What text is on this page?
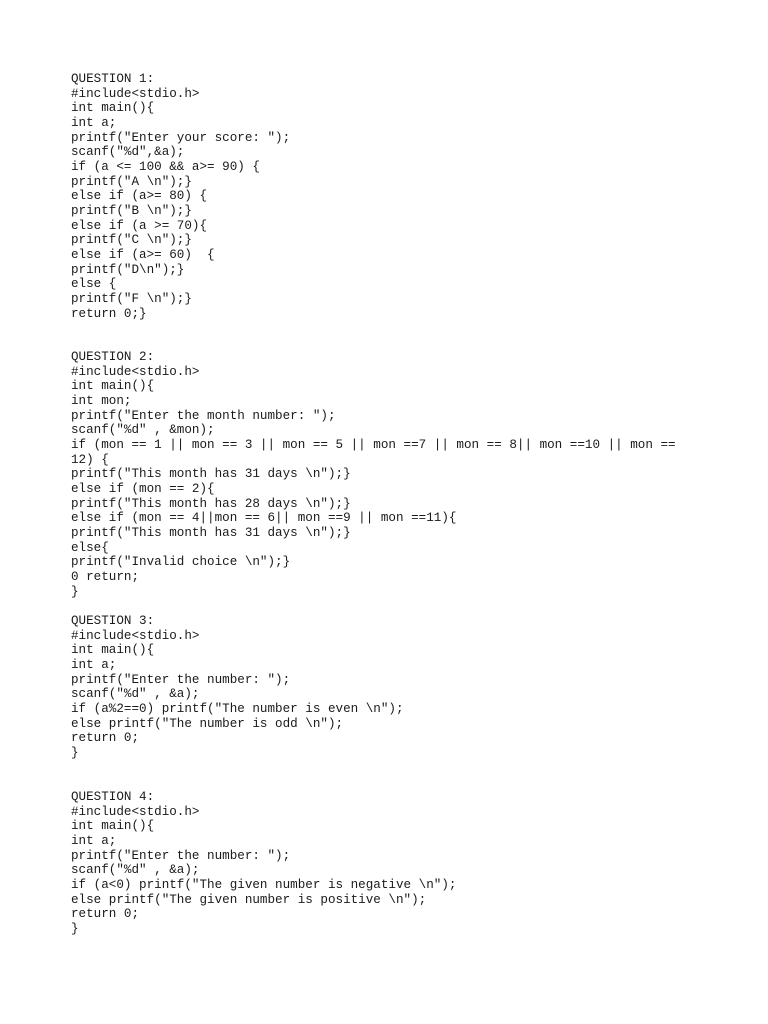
QUESTION 1:
#include<stdio.h>
int main(){
int a;
printf("Enter your score: ");
scanf("%d",&a);
if (a <= 100 && a>= 90) {
printf("A \n");}
else if (a>= 80) {
printf("B \n");}
else if (a >= 70){
printf("C \n");}
else if (a>= 60)  {
printf("D\n");}
else {
printf("F \n");}
return 0;}
QUESTION 2:
#include<stdio.h>
int main(){
int mon;
printf("Enter the month number: ");
scanf("%d" , &mon);
if (mon == 1 || mon == 3 || mon == 5 || mon ==7 || mon == 8|| mon ==10 || mon ==
12) {
printf("This month has 31 days \n");}
else if (mon == 2){
printf("This month has 28 days \n");}
else if (mon == 4||mon == 6|| mon ==9 || mon ==11){
printf("This month has 31 days \n");}
else{
printf("Invalid choice \n");}
0 return;
}
QUESTION 3:
#include<stdio.h>
int main(){
int a;
printf("Enter the number: ");
scanf("%d" , &a);
if (a%2==0) printf("The number is even \n");
else printf("The number is odd \n");
return 0;
}
QUESTION 4:
#include<stdio.h>
int main(){
int a;
printf("Enter the number: ");
scanf("%d" , &a);
if (a<0) printf("The given number is negative \n");
else printf("The given number is positive \n");
return 0;
}
